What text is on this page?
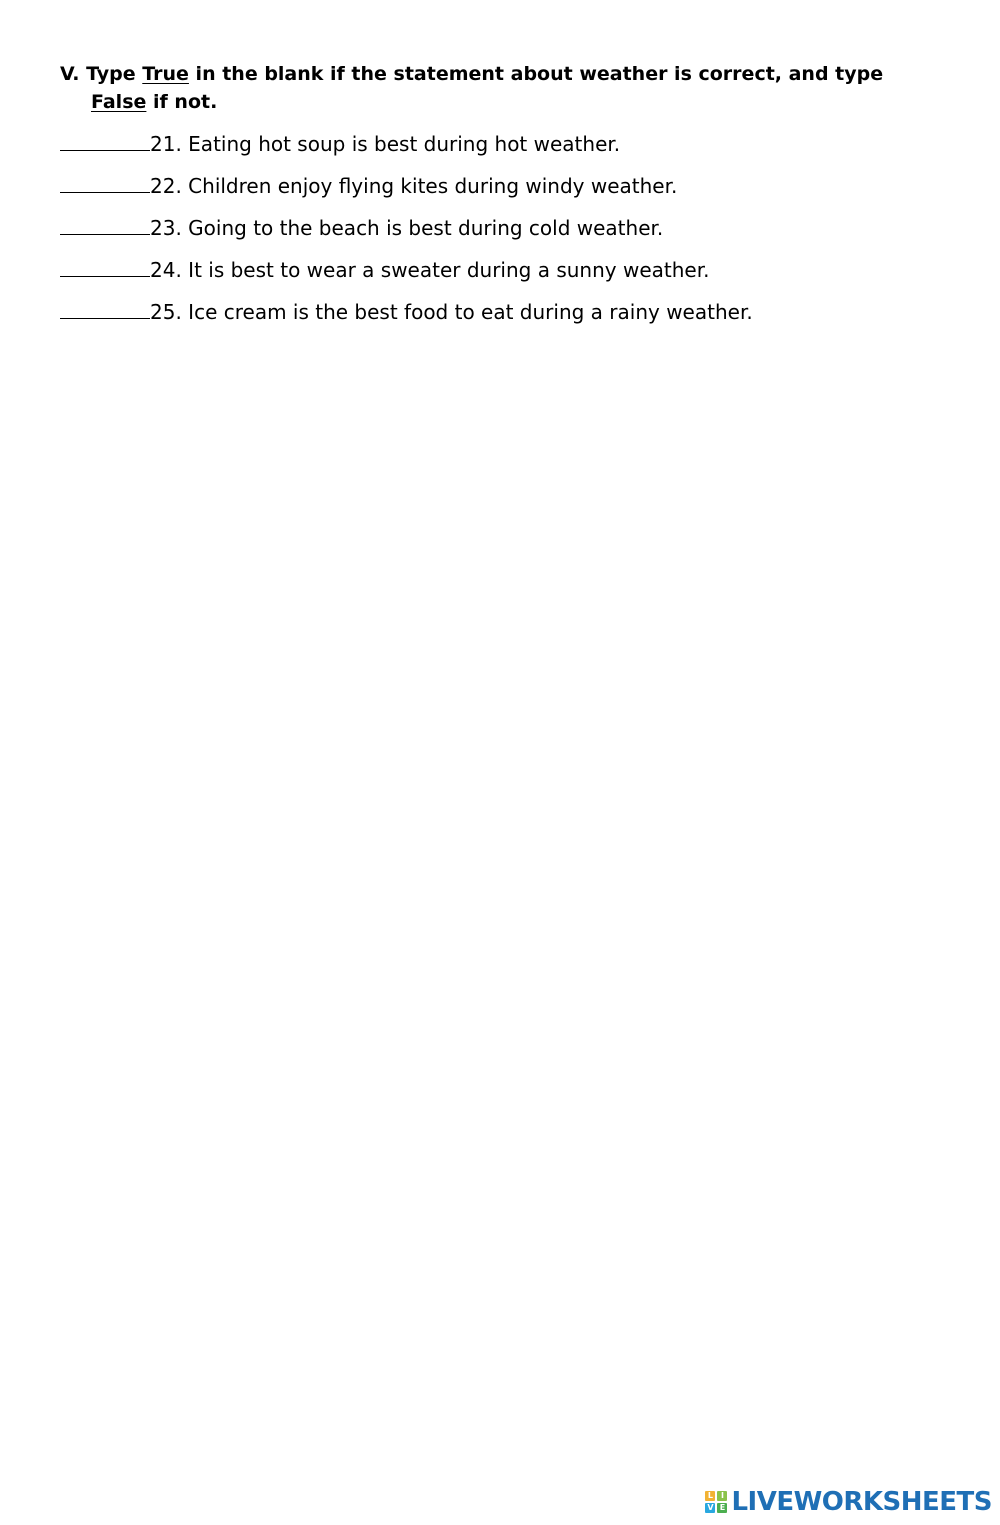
V. Type True in the blank if the statement about weather is correct, and type
False if not.
21. Eating hot soup is best during hot weather.
22. Children enjoy flying kites during windy weather.
23. Going to the beach is best during cold weather.
24. It is best to wear a sweater during a sunny weather.
25. Ice cream is the best food to eat during a rainy weather.
L I
V E LIVEWORKSHEETS
